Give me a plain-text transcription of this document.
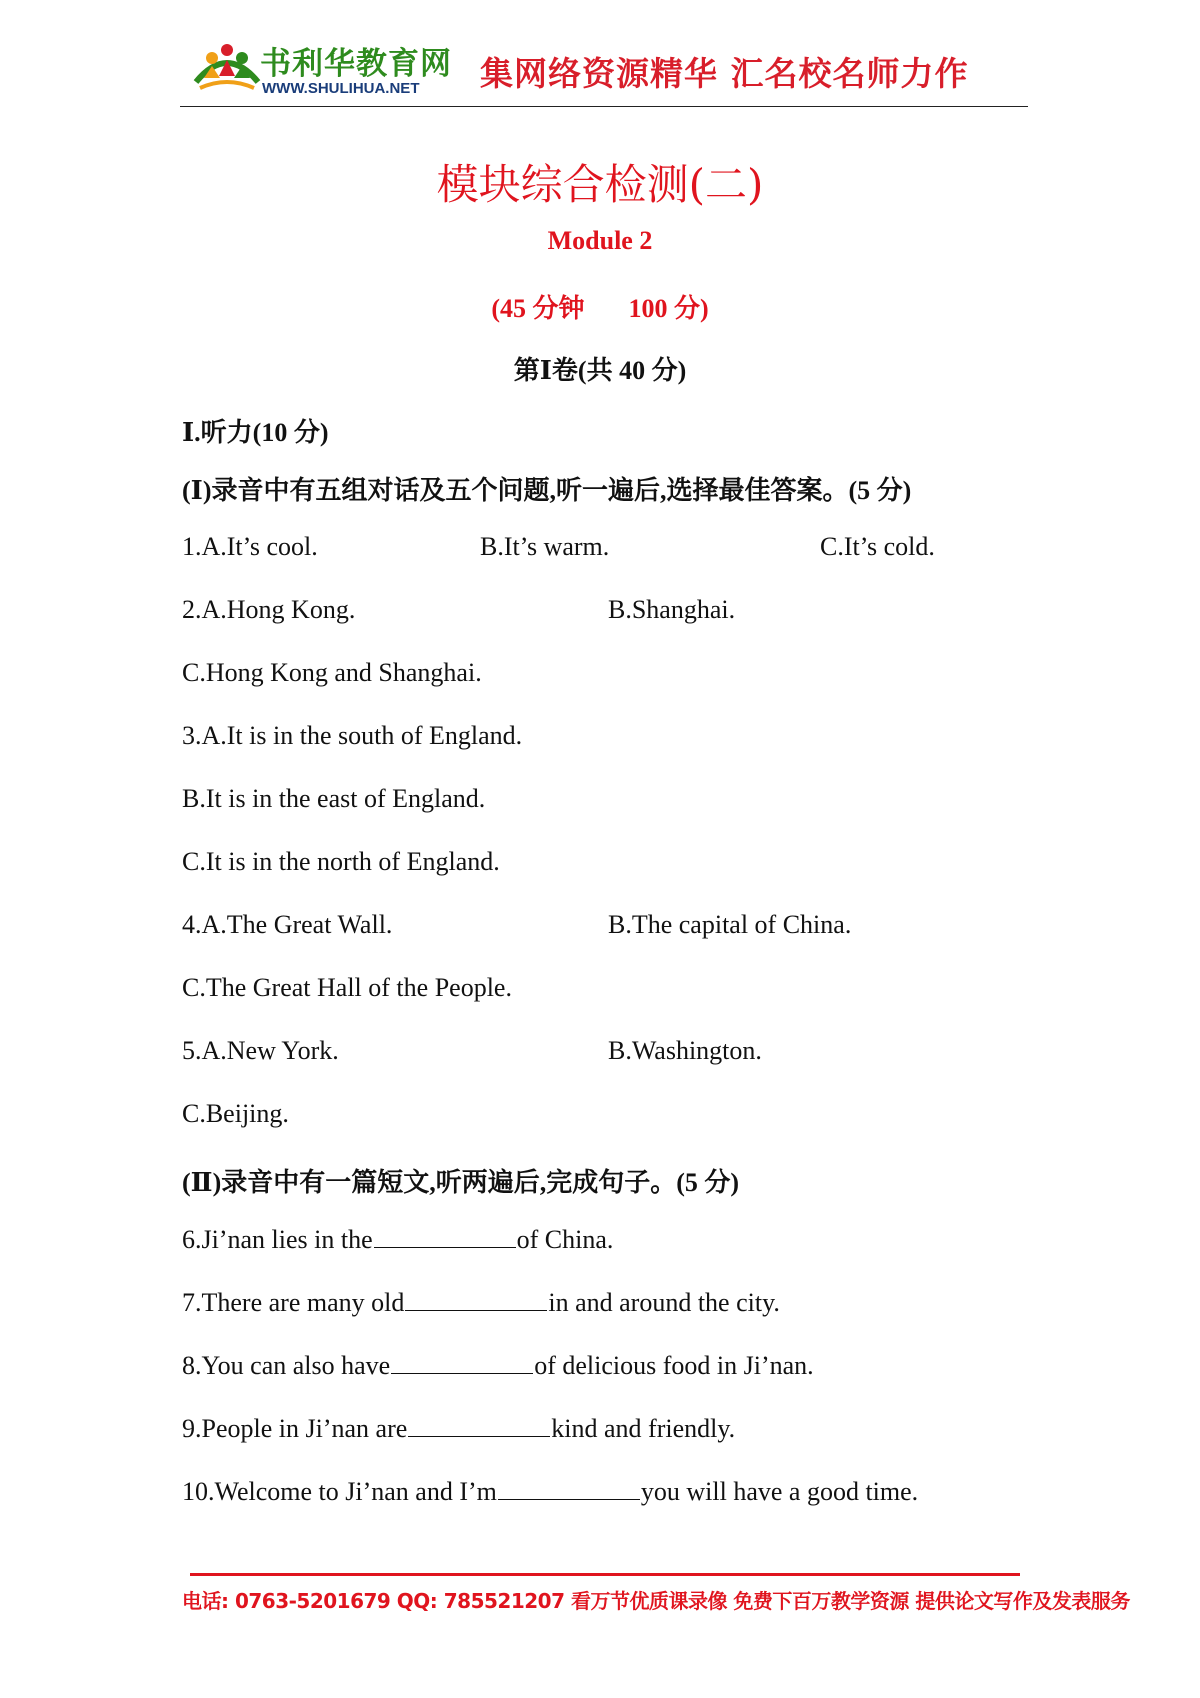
书利华教育网
WWW.SHULIHUA.NET 集网络资源精华 汇名校名师力作
模块综合检测(二)
Module 2
(45 分钟 100 分)
第Ⅰ卷(共 40 分)
Ⅰ.听力(10 分)
(Ⅰ)录音中有五组对话及五个问题,听一遍后,选择最佳答案。(5 分)
1.A.It’s cool.	B.It’s warm.	C.It’s cold.
2.A.Hong Kong.	B.Shanghai.
C.Hong Kong and Shanghai.
3.A.It is in the south of England.
B.It is in the east of England.
C.It is in the north of England.
4.A.The Great Wall.	B.The capital of China.
C.The Great Hall of the People.
5.A.New York.	B.Washington.
C.Beijing.
(Ⅱ)录音中有一篇短文,听两遍后,完成句子。(5 分)
6.Ji’nan lies in the	of China.
7.There are many old	in and around the city.
8.You can also have	of delicious food in Ji’nan.
9.People in Ji’nan are	kind and friendly.
10.Welcome to Ji’nan and I’m	you will have a good time.
电话: 0763-5201679 QQ: 785521207 看万节优质课录像 免费下百万教学资源 提供论文写作及发表服务
